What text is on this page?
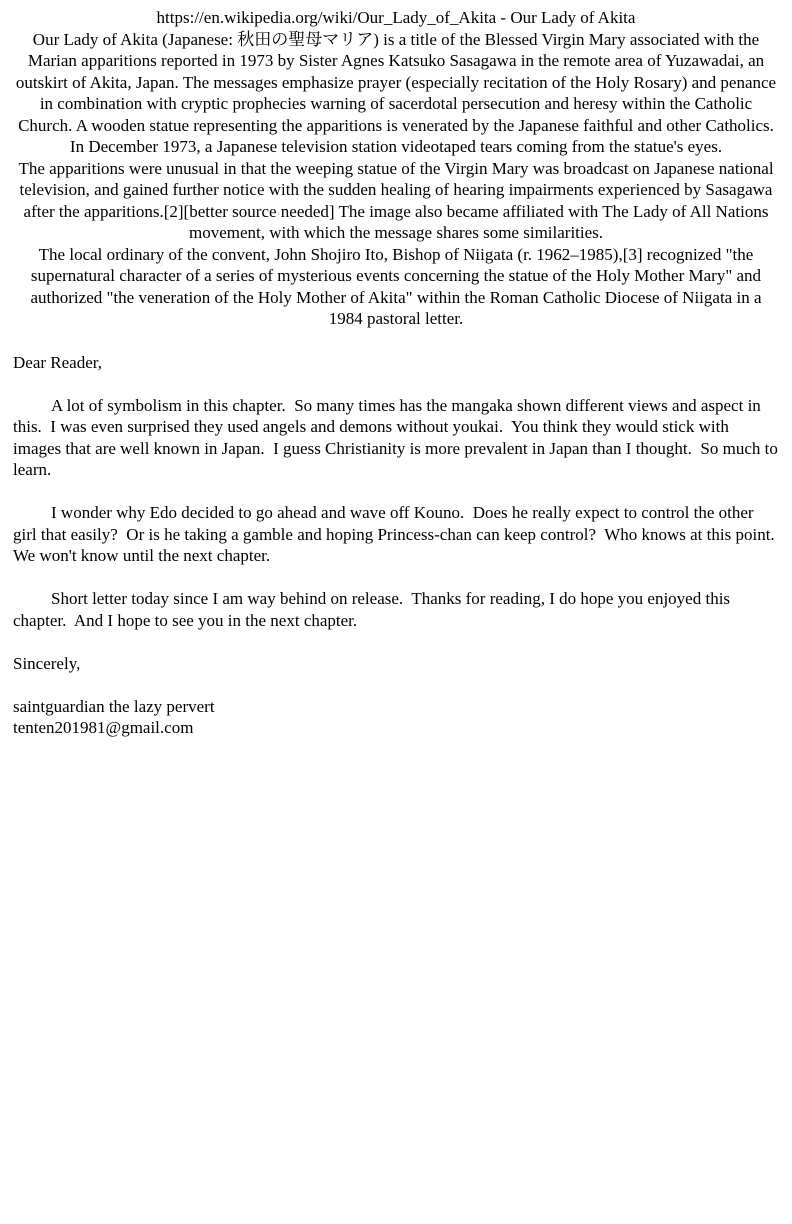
https://en.wikipedia.org/wiki/Our_Lady_of_Akita - Our Lady of Akita
Our Lady of Akita (Japanese: 秋田の聖母マリア) is a title of the Blessed Virgin Mary associated with the Marian apparitions reported in 1973 by Sister Agnes Katsuko Sasagawa in the remote area of Yuzawadai, an outskirt of Akita, Japan. The messages emphasize prayer (especially recitation of the Holy Rosary) and penance in combination with cryptic prophecies warning of sacerdotal persecution and heresy within the Catholic Church. A wooden statue representing the apparitions is venerated by the Japanese faithful and other Catholics. In December 1973, a Japanese television station videotaped tears coming from the statue's eyes.
The apparitions were unusual in that the weeping statue of the Virgin Mary was broadcast on Japanese national television, and gained further notice with the sudden healing of hearing impairments experienced by Sasagawa after the apparitions.[2][better source needed] The image also became affiliated with The Lady of All Nations movement, with which the message shares some similarities.
The local ordinary of the convent, John Shojiro Ito, Bishop of Niigata (r. 1962–1985),[3] recognized "the supernatural character of a series of mysterious events concerning the statue of the Holy Mother Mary" and authorized "the veneration of the Holy Mother of Akita" within the Roman Catholic Diocese of Niigata in a 1984 pastoral letter.
Dear Reader,
A lot of symbolism in this chapter.  So many times has the mangaka shown different views and aspect in this.  I was even surprised they used angels and demons without youkai.  You think they would stick with images that are well known in Japan.  I guess Christianity is more prevalent in Japan than I thought.  So much to learn.
I wonder why Edo decided to go ahead and wave off Kouno.  Does he really expect to control the other girl that easily?  Or is he taking a gamble and hoping Princess-chan can keep control?  Who knows at this point.  We won't know until the next chapter.
Short letter today since I am way behind on release.  Thanks for reading, I do hope you enjoyed this chapter.  And I hope to see you in the next chapter.
Sincerely,
saintguardian the lazy pervert
tenten201981@gmail.com
